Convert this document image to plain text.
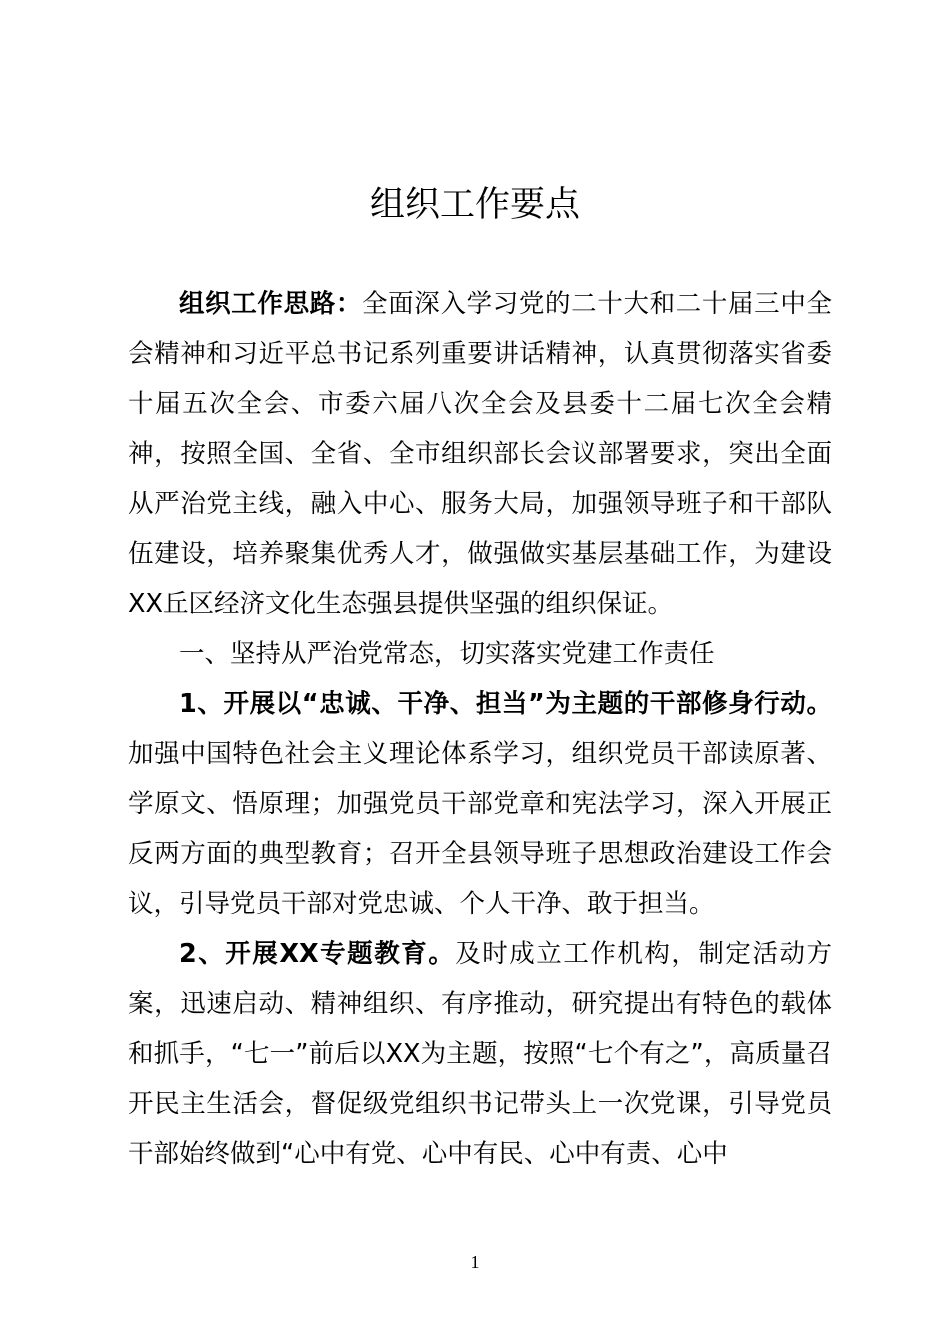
组织工作要点

组织工作思路：全面深入学习党的二十大和二十届三中全会精神和习近平总书记系列重要讲话精神，认真贯彻落实省委十届五次全会、市委六届八次全会及县委十二届七次全会精神，按照全国、全省、全市组织部长会议部署要求，突出全面从严治党主线，融入中心、服务大局，加强领导班子和干部队伍建设，培养聚集优秀人才，做强做实基层基础工作，为建设XX丘区经济文化生态强县提供坚强的组织保证。

一、坚持从严治党常态，切实落实党建工作责任

1、开展以“忠诚、干净、担当”为主题的干部修身行动。加强中国特色社会主义理论体系学习，组织党员干部读原著、学原文、悟原理；加强党员干部党章和宪法学习，深入开展正反两方面的典型教育；召开全县领导班子思想政治建设工作会议，引导党员干部对党忠诚、个人干净、敢于担当。

2、开展XX专题教育。及时成立工作机构，制定活动方案，迅速启动、精神组织、有序推动，研究提出有特色的载体和抓手，“七一”前后以XX为主题，按照“七个有之”，高质量召开民主生活会，督促级党组织书记带头上一次党课，引导党员干部始终做到“心中有党、心中有民、心中有责、心中

1
